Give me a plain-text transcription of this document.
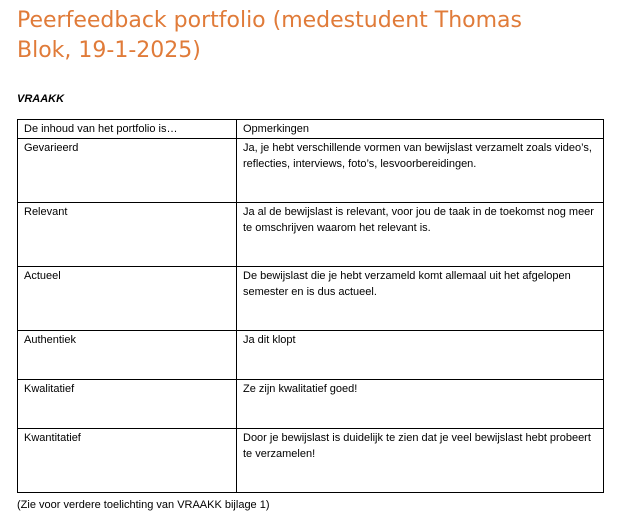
Peerfeedback portfolio (medestudent Thomas Blok, 19-1-2025)

VRAAKK

De inhoud van het portfolio is…	Opmerkingen
Gevarieerd	Ja, je hebt verschillende vormen van bewijslast verzamelt zoals video’s, reflecties, interviews, foto’s, lesvoorbereidingen.
Relevant	Ja al de bewijslast is relevant, voor jou de taak in de toekomst nog meer te omschrijven waarom het relevant is.
Actueel	De bewijslast die je hebt verzameld komt allemaal uit het afgelopen semester en is dus actueel.
Authentiek	Ja dit klopt
Kwalitatief	Ze zijn kwalitatief goed!
Kwantitatief	Door je bewijslast is duidelijk te zien dat je veel bewijslast hebt probeert te verzamelen!

(Zie voor verdere toelichting van VRAAKK bijlage 1)
